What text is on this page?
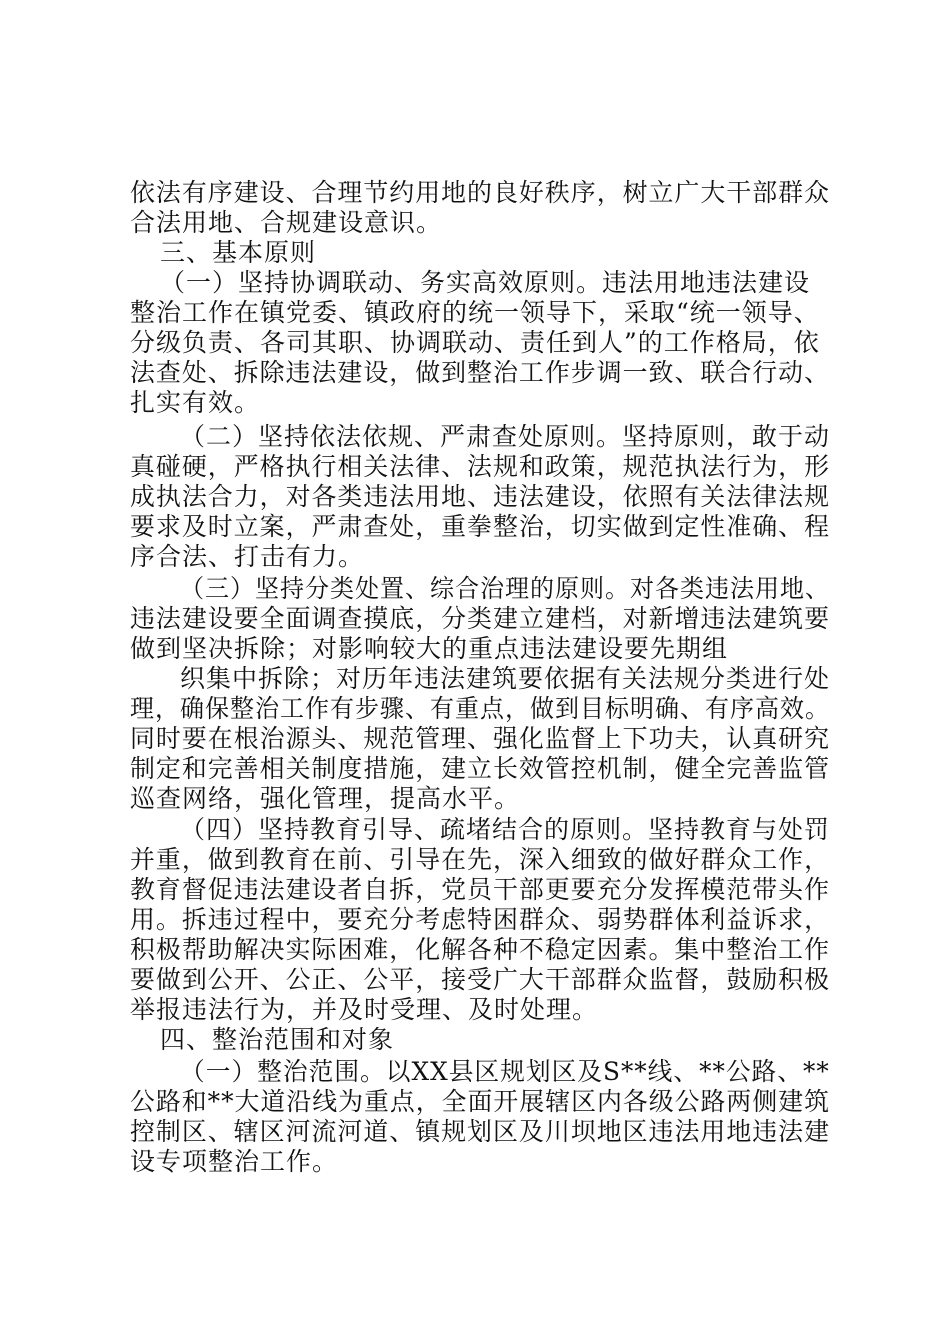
依法有序建设、合理节约用地的良好秩序，树立广大干部群众
合法用地、合规建设意识。
三、基本原则
（一）坚持协调联动、务实高效原则。违法用地违法建设
整治工作在镇党委、镇政府的统一领导下，采取“统一领导、
分级负责、各司其职、协调联动、责任到人”的工作格局，依
法查处、拆除违法建设，做到整治工作步调一致、联合行动、
扎实有效。
（二）坚持依法依规、严肃查处原则。坚持原则，敢于动
真碰硬，严格执行相关法律、法规和政策，规范执法行为，形
成执法合力，对各类违法用地、违法建设，依照有关法律法规
要求及时立案，严肃查处，重拳整治，切实做到定性准确、程
序合法、打击有力。
（三）坚持分类处置、综合治理的原则。对各类违法用地、
违法建设要全面调查摸底，分类建立建档，对新增违法建筑要
做到坚决拆除；对影响较大的重点违法建设要先期组
织集中拆除；对历年违法建筑要依据有关法规分类进行处
理，确保整治工作有步骤、有重点，做到目标明确、有序高效。
同时要在根治源头、规范管理、强化监督上下功夫，认真研究
制定和完善相关制度措施，建立长效管控机制，健全完善监管
巡查网络，强化管理，提高水平。
（四）坚持教育引导、疏堵结合的原则。坚持教育与处罚
并重，做到教育在前、引导在先，深入细致的做好群众工作，
教育督促违法建设者自拆，党员干部更要充分发挥模范带头作
用。拆违过程中，要充分考虑特困群众、弱势群体利益诉求，
积极帮助解决实际困难，化解各种不稳定因素。集中整治工作
要做到公开、公正、公平，接受广大干部群众监督，鼓励积极
举报违法行为，并及时受理、及时处理。
四、整治范围和对象
（一）整治范围。以XX县区规划区及S**线、**公路、**
公路和**大道沿线为重点，全面开展辖区内各级公路两侧建筑
控制区、辖区河流河道、镇规划区及川坝地区违法用地违法建
设专项整治工作。
